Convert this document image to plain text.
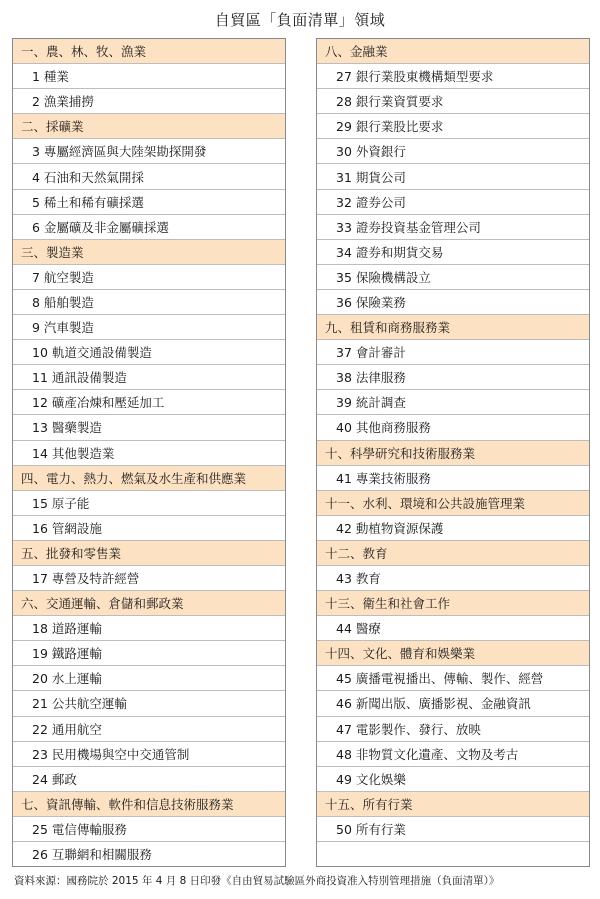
自貿區「負面清單」領域
一、農、林、牧、漁業
1 種業
2 漁業捕撈
二、採礦業
3 專屬經濟區與大陸架勘探開發
4 石油和天然氣開採
5 稀土和稀有礦採選
6 金屬礦及非金屬礦採選
三、製造業
7 航空製造
8 船舶製造
9 汽車製造
10 軌道交通設備製造
11 通訊設備製造
12 礦產冶煉和壓延加工
13 醫藥製造
14 其他製造業
四、電力、熱力、燃氣及水生產和供應業
15 原子能
16 管網設施
五、批發和零售業
17 專營及特許經營
六、交通運輸、倉儲和郵政業
18 道路運輸
19 鐵路運輸
20 水上運輸
21 公共航空運輸
22 通用航空
23 民用機場與空中交通管制
24 郵政
七、資訊傳輸、軟件和信息技術服務業
25 電信傳輸服務
26 互聯網和相關服務
八、金融業
27 銀行業股東機構類型要求
28 銀行業資質要求
29 銀行業股比要求
30 外資銀行
31 期貨公司
32 證券公司
33 證券投資基金管理公司
34 證券和期貨交易
35 保險機構設立
36 保險業務
九、租賃和商務服務業
37 會計審計
38 法律服務
39 統計調查
40 其他商務服務
十、科學研究和技術服務業
41 專業技術服務
十一、水利、環境和公共設施管理業
42 動植物資源保護
十二、教育
43 教育
十三、衛生和社會工作
44 醫療
十四、文化、體育和娛樂業
45 廣播電視播出、傳輸、製作、經營
46 新聞出版、廣播影視、金融資訊
47 電影製作、發行、放映
48 非物質文化遺產、文物及考古
49 文化娛樂
十五、所有行業
50 所有行業
資料來源：國務院於 2015 年 4 月 8 日印發《自由貿易試驗區外商投資准入特別管理措施（負面清單）》
